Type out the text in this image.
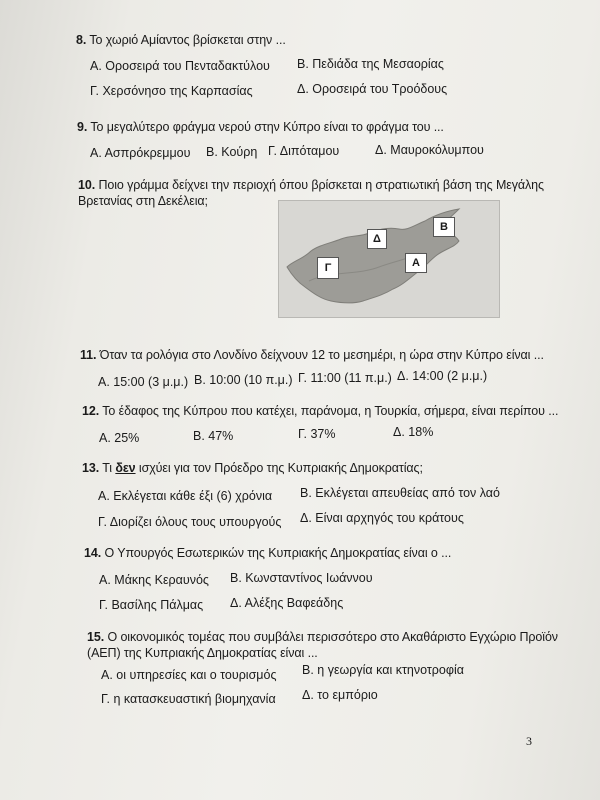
8. Το χωριό Αμίαντος βρίσκεται στην ...
Α. Οροσειρά του Πενταδακτύλου Β. Πεδιάδα της Μεσαορίας
Γ. Χερσόνησο της Καρπασίας	Δ. Οροσειρά του Τροόδους
9. Το μεγαλύτερο φράγμα νερού στην Κύπρο είναι το φράγμα του ...
Α. Ασπρόκρεμμου Β. Κούρη Γ. Διπόταμου	Δ. Μαυροκόλυμπου
10. Ποιο γράμμα δείχνει την περιοχή όπου βρίσκεται η στρατιωτική βάση της Μεγάλης
Βρετανίας στη Δεκέλεια;
Δ
Β
Γ	Α
11. Όταν τα ρολόγια στο Λονδίνο δείχνουν 12 το μεσημέρι, η ώρα στην Κύπρο είναι ...
Α. 15:00 (3 μ.μ.) Β. 10:00 (10 π.μ.) Γ. 11:00 (11 π.μ.) Δ. 14:00 (2 μ.μ.)
12. Το έδαφος της Κύπρου που κατέχει, παράνομα, η Τουρκία, σήμερα, είναι περίπου ...
Α. 25%	Β. 47%	Γ. 37%	Δ. 18%
13. Τι δεν ισχύει για τον Πρόεδρο της Κυπριακής Δημοκρατίας;
Α. Εκλέγεται κάθε έξι (6) χρόνια Β. Εκλέγεται απευθείας από τον λαό
Γ. Διορίζει όλους τους υπουργούς Δ. Είναι αρχηγός του κράτους
14. Ο Υπουργός Εσωτερικών της Κυπριακής Δημοκρατίας είναι ο ...
Α. Μάκης Κεραυνός Β. Κωνσταντίνος Ιωάννου
Γ. Βασίλης Πάλμας Δ. Αλέξης Βαφεάδης
15. Ο οικονομικός τομέας που συμβάλει περισσότερο στο Ακαθάριστο Εγχώριο Προϊόν
(ΑΕΠ) της Κυπριακής Δημοκρατίας είναι ...
Α. οι υπηρεσίες και ο τουρισμός Β. η γεωργία και κτηνοτροφία
Γ. η κατασκευαστική βιομηχανία Δ. το εμπόριο
3
